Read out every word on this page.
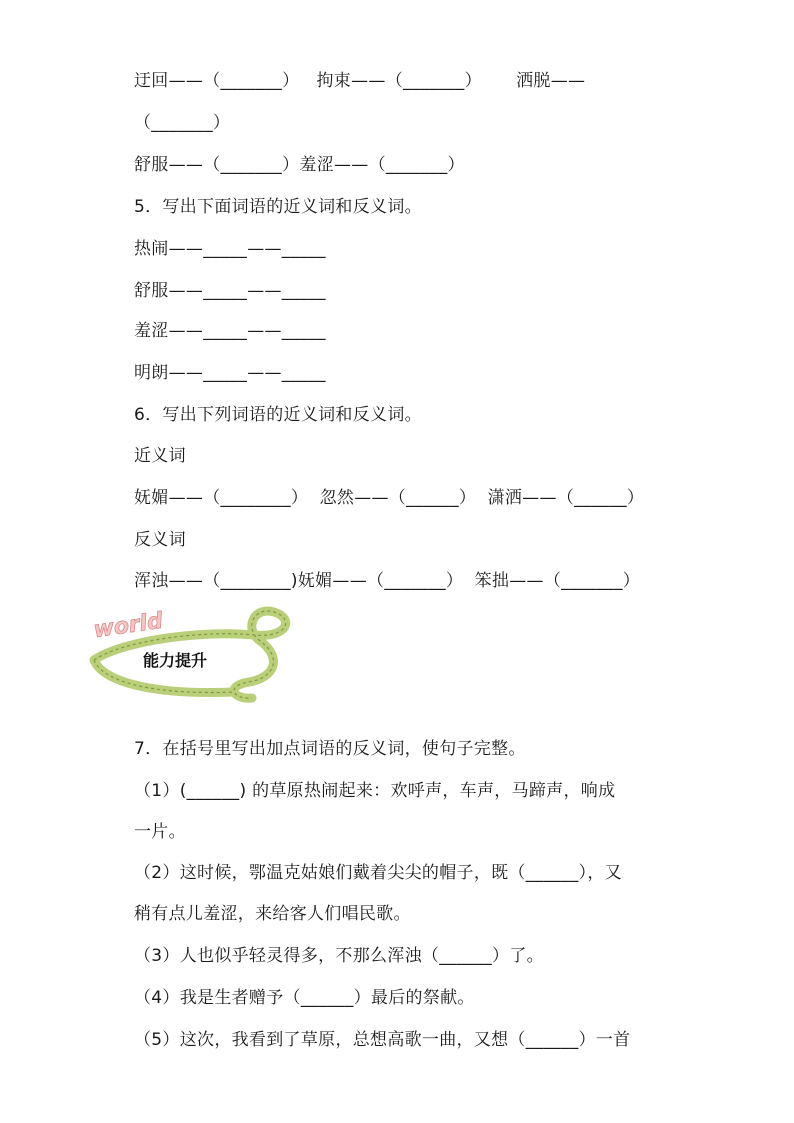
迂回——（_______）   拘束——（_______）      洒脱——
（_______）
舒服——（_______）羞涩——（_______）
5．写出下面词语的近义词和反义词。
热闹——_____——_____
舒服——_____——_____
羞涩——_____——_____
明朗——_____——_____
6．写出下列词语的近义词和反义词。
近义词
妩媚——（________）  忽然——（______）  潇洒——（______）
反义词
浑浊——（________)妩媚——（_______）  笨拙——（_______）
world
能力提升
7．在括号里写出加点词语的反义词，使句子完整。
（1）(______) 的草原热闹起来：欢呼声，车声，马蹄声，响成
一片。
（2）这时候，鄂温克姑娘们戴着尖尖的帽子，既（______），又
稍有点儿羞涩，来给客人们唱民歌。
（3）人也似乎轻灵得多，不那么浑浊（______）了。
（4）我是生者赠予（______）最后的祭献。
（5）这次，我看到了草原，总想高歌一曲，又想（______）一首
